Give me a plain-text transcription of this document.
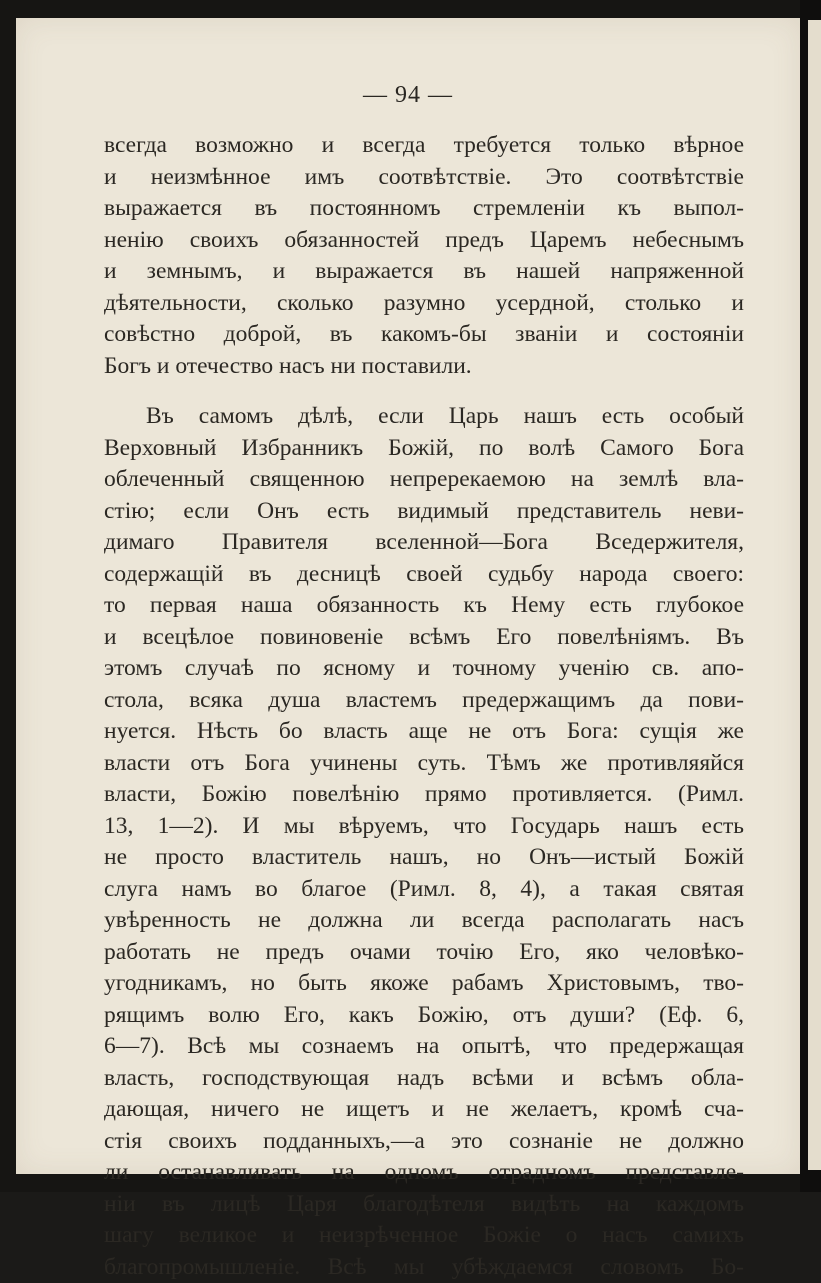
— 94 —
всегда возможно и всегда требуется только вѣрное
и неизмѣнное имъ соотвѣтствіе. Это соотвѣтствіе
выражается въ постоянномъ стремленіи къ выпол-
ненію своихъ обязанностей предъ Царемъ небеснымъ
и земнымъ, и выражается въ нашей напряженной
дѣятельности, сколько разумно усердной, столько и
совѣстно доброй, въ какомъ-бы званіи и состояніи
Богъ и отечество насъ ни поставили.
Въ самомъ дѣлѣ, если Царь нашъ есть особый
Верховный Избранникъ Божій, по волѣ Самого Бога
облеченный священною непререкаемою на землѣ вла-
стію; если Онъ есть видимый представитель неви-
димаго Правителя вселенной—Бога Вседержителя,
содержащій въ десницѣ своей судьбу народа своего:
то первая наша обязанность къ Нему есть глубокое
и всецѣлое повиновеніе всѣмъ Его повелѣніямъ. Въ
этомъ случаѣ по ясному и точному ученію св. апо-
стола, всяка душа властемъ предержащимъ да пови-
нуется. Нѣсть бо власть аще не отъ Бога: сущія же
власти отъ Бога учинены суть. Тѣмъ же противляяйся
власти, Божію повелѣнію прямо противляется. (Римл.
13, 1—2). И мы вѣруемъ, что Государь нашъ есть
не просто властитель нашъ, но Онъ—истый Божій
слуга намъ во благое (Римл. 8, 4), а такая святая
увѣренность не должна ли всегда располагать насъ
работать не предъ очами точію Его, яко человѣко-
угодникамъ, но быть якоже рабамъ Христовымъ, тво-
рящимъ волю Его, какъ Божію, отъ души? (Еф. 6,
6—7). Всѣ мы сознаемъ на опытѣ, что предержащая
власть, господствующая надъ всѣми и всѣмъ обла-
дающая, ничего не ищетъ и не желаетъ, кромѣ сча-
стія своихъ подданныхъ,—а это сознаніе не должно
ли останавливать на одномъ отрадномъ представле-
ніи въ лицѣ Царя благодѣтеля видѣть на каждомъ
шагу великое и неизрѣченное Божіе о насъ самихъ
благопромышленіе. Всѣ мы убѣждаемся словомъ Бо-
